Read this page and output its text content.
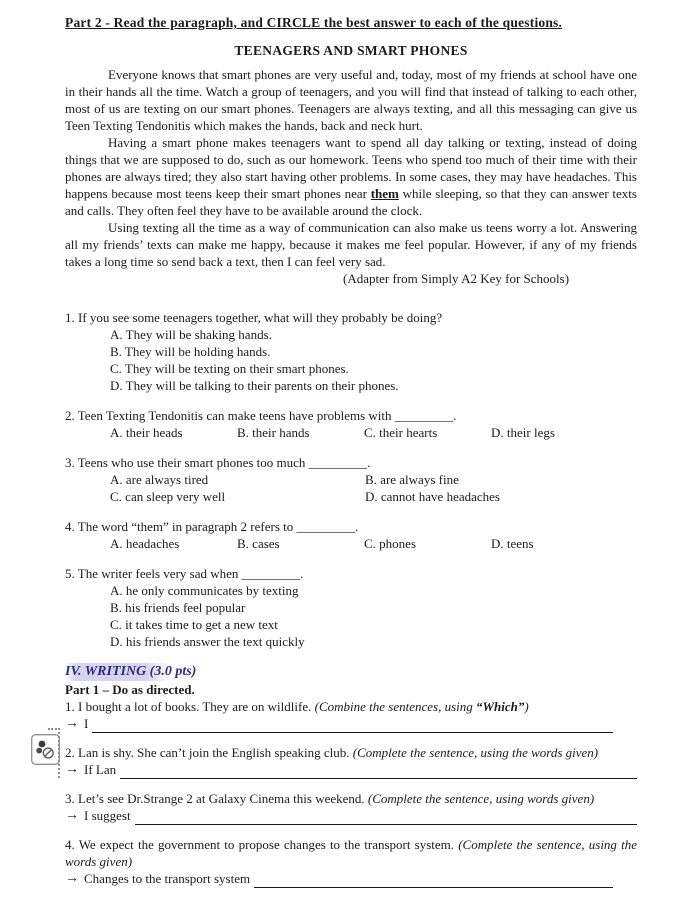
Part 2 - Read the paragraph, and CIRCLE the best answer to each of the questions.
TEENAGERS AND SMART PHONES

Everyone knows that smart phones are very useful and, today, most of my friends at school have one in their hands all the time. Watch a group of teenagers, and you will find that instead of talking to each other, most of us are texting on our smart phones. Teenagers are always texting, and all this messaging can give us Teen Texting Tendonitis which makes the hands, back and neck hurt.

Having a smart phone makes teenagers want to spend all day talking or texting, instead of doing things that we are supposed to do, such as our homework. Teens who spend too much of their time with their phones are always tired; they also start having other problems. In some cases, they may have headaches. This happens because most teens keep their smart phones near them while sleeping, so that they can answer texts and calls. They often feel they have to be available around the clock.

Using texting all the time as a way of communication can also make us teens worry a lot. Answering all my friends’ texts can make me happy, because it makes me feel popular. However, if any of my friends takes a long time so send back a text, then I can feel very sad.

(Adapter from Simply A2 Key for Schools)
1. If you see some teenagers together, what will they probably be doing?
A. They will be shaking hands.
B. They will be holding hands.
C. They will be texting on their smart phones.
D. They will be talking to their parents on their phones.
2. Teen Texting Tendonitis can make teens have problems with _________.
A. their heads	B. their hands	C. their hearts	D. their legs
3. Teens who use their smart phones too much _________.
A. are always tired	B. are always fine
C. can sleep very well	D. cannot have headaches
4. The word “them” in paragraph 2 refers to _________.
A. headaches	B. cases	C. phones	D. teens
5. The writer feels very sad when _________.
A. he only communicates by texting
B. his friends feel popular
C. it takes time to get a new text
D. his friends answer the text quickly
IV. WRITING (3.0 pts)
Part 1 – Do as directed.
1. I bought a lot of books. They are on wildlife. (Combine the sentences, using “Which”)
→ I
2. Lan is shy. She can’t join the English speaking club. (Complete the sentence, using the words given)
→ If Lan
3. Let’s see Dr.Strange 2 at Galaxy Cinema this weekend. (Complete the sentence, using words given)
→ I suggest
4. We expect the government to propose changes to the transport system. (Complete the sentence, using the words given)
→ Changes to the transport system
